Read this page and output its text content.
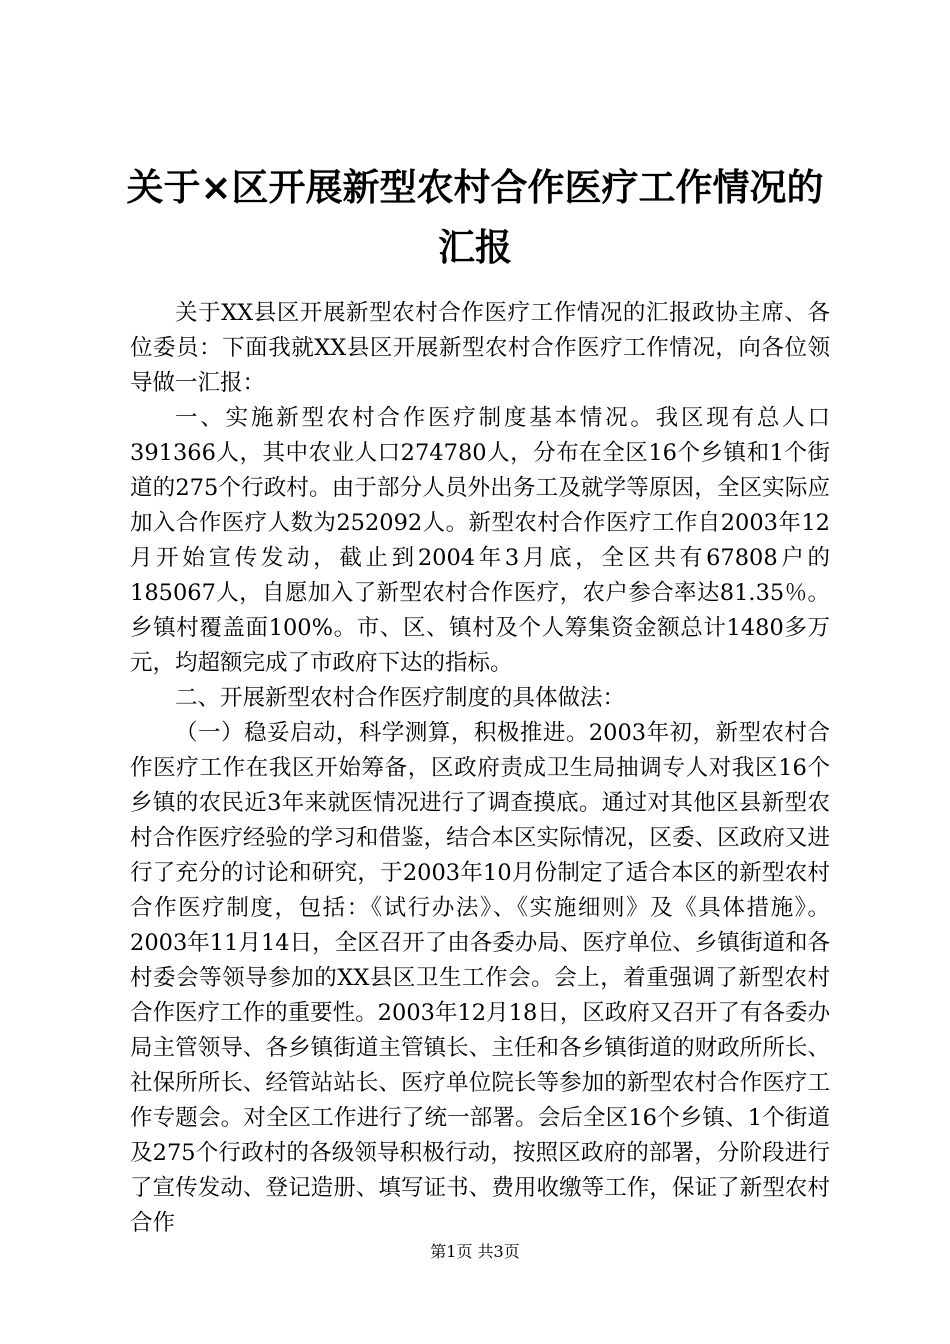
关于×区开展新型农村合作医疗工作情况的汇报

关于XX县区开展新型农村合作医疗工作情况的汇报政协主席、各位委员：下面我就XX县区开展新型农村合作医疗工作情况，向各位领导做一汇报：

一、实施新型农村合作医疗制度基本情况。我区现有总人口391366人，其中农业人口274780人，分布在全区16个乡镇和1个街道的275个行政村。由于部分人员外出务工及就学等原因，全区实际应加入合作医疗人数为252092人。新型农村合作医疗工作自2003年12月开始宣传发动，截止到2004年3月底，全区共有67808户的185067人，自愿加入了新型农村合作医疗，农户参合率达81.35％。乡镇村覆盖面100%。市、区、镇村及个人筹集资金额总计1480多万元，均超额完成了市政府下达的指标。

二、开展新型农村合作医疗制度的具体做法：

（一）稳妥启动，科学测算，积极推进。2003年初，新型农村合作医疗工作在我区开始筹备，区政府责成卫生局抽调专人对我区16个乡镇的农民近3年来就医情况进行了调查摸底。通过对其他区县新型农村合作医疗经验的学习和借鉴，结合本区实际情况，区委、区政府又进行了充分的讨论和研究，于2003年10月份制定了适合本区的新型农村合作医疗制度，包括：《试行办法》、《实施细则》及《具体措施》。2003年11月14日，全区召开了由各委办局、医疗单位、乡镇街道和各村委会等领导参加的XX县区卫生工作会。会上，着重强调了新型农村合作医疗工作的重要性。2003年12月18日，区政府又召开了有各委办局主管领导、各乡镇街道主管镇长、主任和各乡镇街道的财政所所长、社保所所长、经管站站长、医疗单位院长等参加的新型农村合作医疗工作专题会。对全区工作进行了统一部署。会后全区16个乡镇、1个街道及275个行政村的各级领导积极行动，按照区政府的部署，分阶段进行了宣传发动、登记造册、填写证书、费用收缴等工作，保证了新型农村合作

第1页 共3页
